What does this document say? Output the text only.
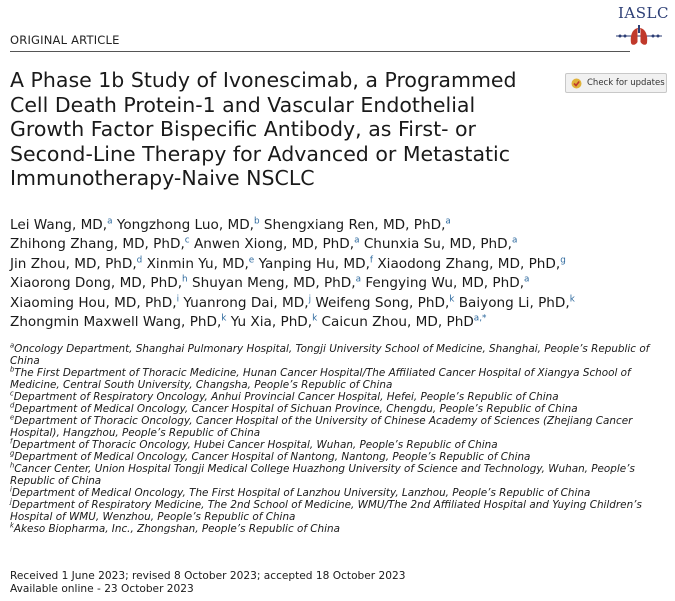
IASLC
ORIGINAL ARTICLE
A Phase 1b Study of Ivonescimab, a Programmed Cell Death Protein-1 and Vascular Endothelial Growth Factor Bispecific Antibody, as First- or Second-Line Therapy for Advanced or Metastatic Immunotherapy-Naive NSCLC
Check for updates
Lei Wang, MD,$^a$ Yongzhong Luo, MD,$^b$ Shengxiang Ren, MD, PhD,$^a$
Zhihong Zhang, MD, PhD,$^c$ Anwen Xiong, MD, PhD,$^a$ Chunxia Su, MD, PhD,$^a$
Jin Zhou, MD, PhD,$^d$ Xinmin Yu, MD,$^e$ Yanping Hu, MD,$^f$ Xiaodong Zhang, MD, PhD,$^g$
Xiaorong Dong, MD, PhD,$^h$ Shuyan Meng, MD, PhD,$^a$ Fengying Wu, MD, PhD,$^a$
Xiaoming Hou, MD, PhD,$^i$ Yuanrong Dai, MD,$^j$ Weifeng Song, PhD,$^k$ Baiyong Li, PhD,$^k$
Zhongmin Maxwell Wang, PhD,$^k$ Yu Xia, PhD,$^k$ Caicun Zhou, MD, PhD$^{a,*}$

$^a$Oncology Department, Shanghai Pulmonary Hospital, Tongji University School of Medicine, Shanghai, People’s Republic of China

$^b$The First Department of Thoracic Medicine, Hunan Cancer Hospital/The Affiliated Cancer Hospital of Xiangya School of Medicine, Central South University, Changsha, People’s Republic of China

$^c$Department of Respiratory Oncology, Anhui Provincial Cancer Hospital, Hefei, People’s Republic of China

$^d$Department of Medical Oncology, Cancer Hospital of Sichuan Province, Chengdu, People’s Republic of China

$^e$Department of Thoracic Oncology, Cancer Hospital of the University of Chinese Academy of Sciences (Zhejiang Cancer Hospital), Hangzhou, People’s Republic of China

$^f$Department of Thoracic Oncology, Hubei Cancer Hospital, Wuhan, People’s Republic of China

$^g$Department of Medical Oncology, Cancer Hospital of Nantong, Nantong, People’s Republic of China

$^h$Cancer Center, Union Hospital Tongji Medical College Huazhong University of Science and Technology, Wuhan, People’s Republic of China

$^i$Department of Medical Oncology, The First Hospital of Lanzhou University, Lanzhou, People’s Republic of China

$^j$Department of Respiratory Medicine, The 2nd School of Medicine, WMU/The 2nd Affiliated Hospital and Yuying Children’s Hospital of WMU, Wenzhou, People’s Republic of China

$^k$Akeso Biopharma, Inc., Zhongshan, People’s Republic of China

Received 1 June 2023; revised 8 October 2023; accepted 18 October 2023
Available online - 23 October 2023
